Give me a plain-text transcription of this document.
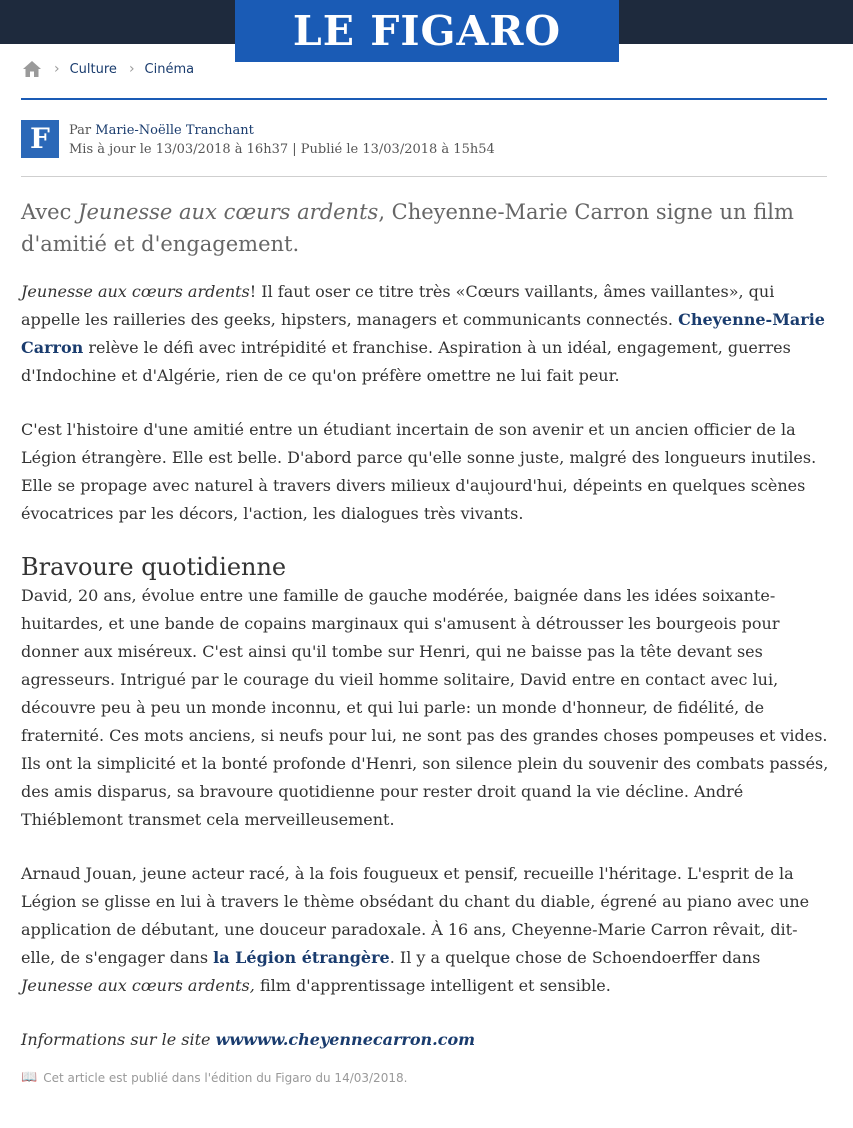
LE FIGARO
› Culture › Cinéma
F	Par Marie-Noëlle Tranchant
Mis à jour le 13/03/2018 à 16h37 | Publié le 13/03/2018 à 15h54

Avec Jeunesse aux cœurs ardents, Cheyenne-Marie Carron signe un film d'amitié et d'engagement.

Jeunesse aux cœurs ardents! Il faut oser ce titre très «Cœurs vaillants, âmes vaillantes», qui appelle les railleries des geeks, hipsters, managers et communicants connectés. Cheyenne-Marie Carron relève le défi avec intrépidité et franchise. Aspiration à un idéal, engagement, guerres d'Indochine et d'Algérie, rien de ce qu'on préfère omettre ne lui fait peur.

C'est l'histoire d'une amitié entre un étudiant incertain de son avenir et un ancien officier de la Légion étrangère. Elle est belle. D'abord parce qu'elle sonne juste, malgré des longueurs inutiles. Elle se propage avec naturel à travers divers milieux d'aujourd'hui, dépeints en quelques scènes évocatrices par les décors, l'action, les dialogues très vivants.

Bravoure quotidienne

David, 20 ans, évolue entre une famille de gauche modérée, baignée dans les idées soixante-huitardes, et une bande de copains marginaux qui s'amusent à détrousser les bourgeois pour donner aux miséreux. C'est ainsi qu'il tombe sur Henri, qui ne baisse pas la tête devant ses agresseurs. Intrigué par le courage du vieil homme solitaire, David entre en contact avec lui, découvre peu à peu un monde inconnu, et qui lui parle: un monde d'honneur, de fidélité, de fraternité. Ces mots anciens, si neufs pour lui, ne sont pas des grandes choses pompeuses et vides. Ils ont la simplicité et la bonté profonde d'Henri, son silence plein du souvenir des combats passés, des amis disparus, sa bravoure quotidienne pour rester droit quand la vie décline. André Thiéblemont transmet cela merveilleusement.

Arnaud Jouan, jeune acteur racé, à la fois fougueux et pensif, recueille l'héritage. L'esprit de la Légion se glisse en lui à travers le thème obsédant du chant du diable, égrené au piano avec une application de débutant, une douceur paradoxale. À 16 ans, Cheyenne-Marie Carron rêvait, dit-elle, de s'engager dans la Légion étrangère. Il y a quelque chose de Schoendoerffer dans Jeunesse aux cœurs ardents, film d'apprentissage intelligent et sensible.

Informations sur le site wwwww.cheyennecarron.com

📖 Cet article est publié dans l'édition du Figaro du 14/03/2018.
